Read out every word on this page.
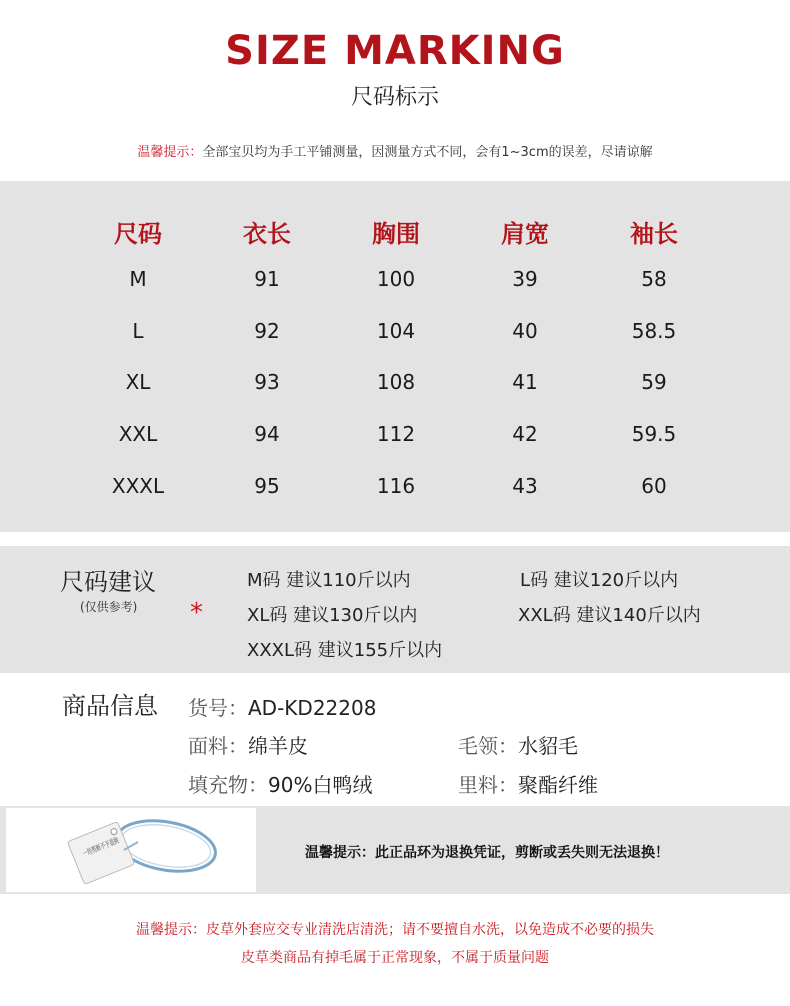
SIZE MARKING
尺码标示
温馨提示：全部宝贝均为手工平铺测量，因测量方式不同，会有1~3cm的误差，尽请谅解
尺码	衣长	胸围	肩宽	袖长
M	91	100	39	58
L	92	104	40	58.5
XL	93	108	41	59
XXL	94	112	42	59.5
XXXL	95	116	43	60
尺码建议
(仅供参考) *
M码 建议110斤以内	L码 建议120斤以内
XL码 建议130斤以内	XXL码 建议140斤以内
XXXL码 建议155斤以内
商品信息 货号：AD-KD22208
面料：绵羊皮	毛领：水貂毛
填充物：90%白鸭绒	里料：聚酯纤维
一经剪断不予退换	温馨提示：此正品环为退换凭证，剪断或丢失则无法退换！
温馨提示：皮草外套应交专业清洗店清洗；请不要擅自水洗，以免造成不必要的损失
皮草类商品有掉毛属于正常现象，不属于质量问题
